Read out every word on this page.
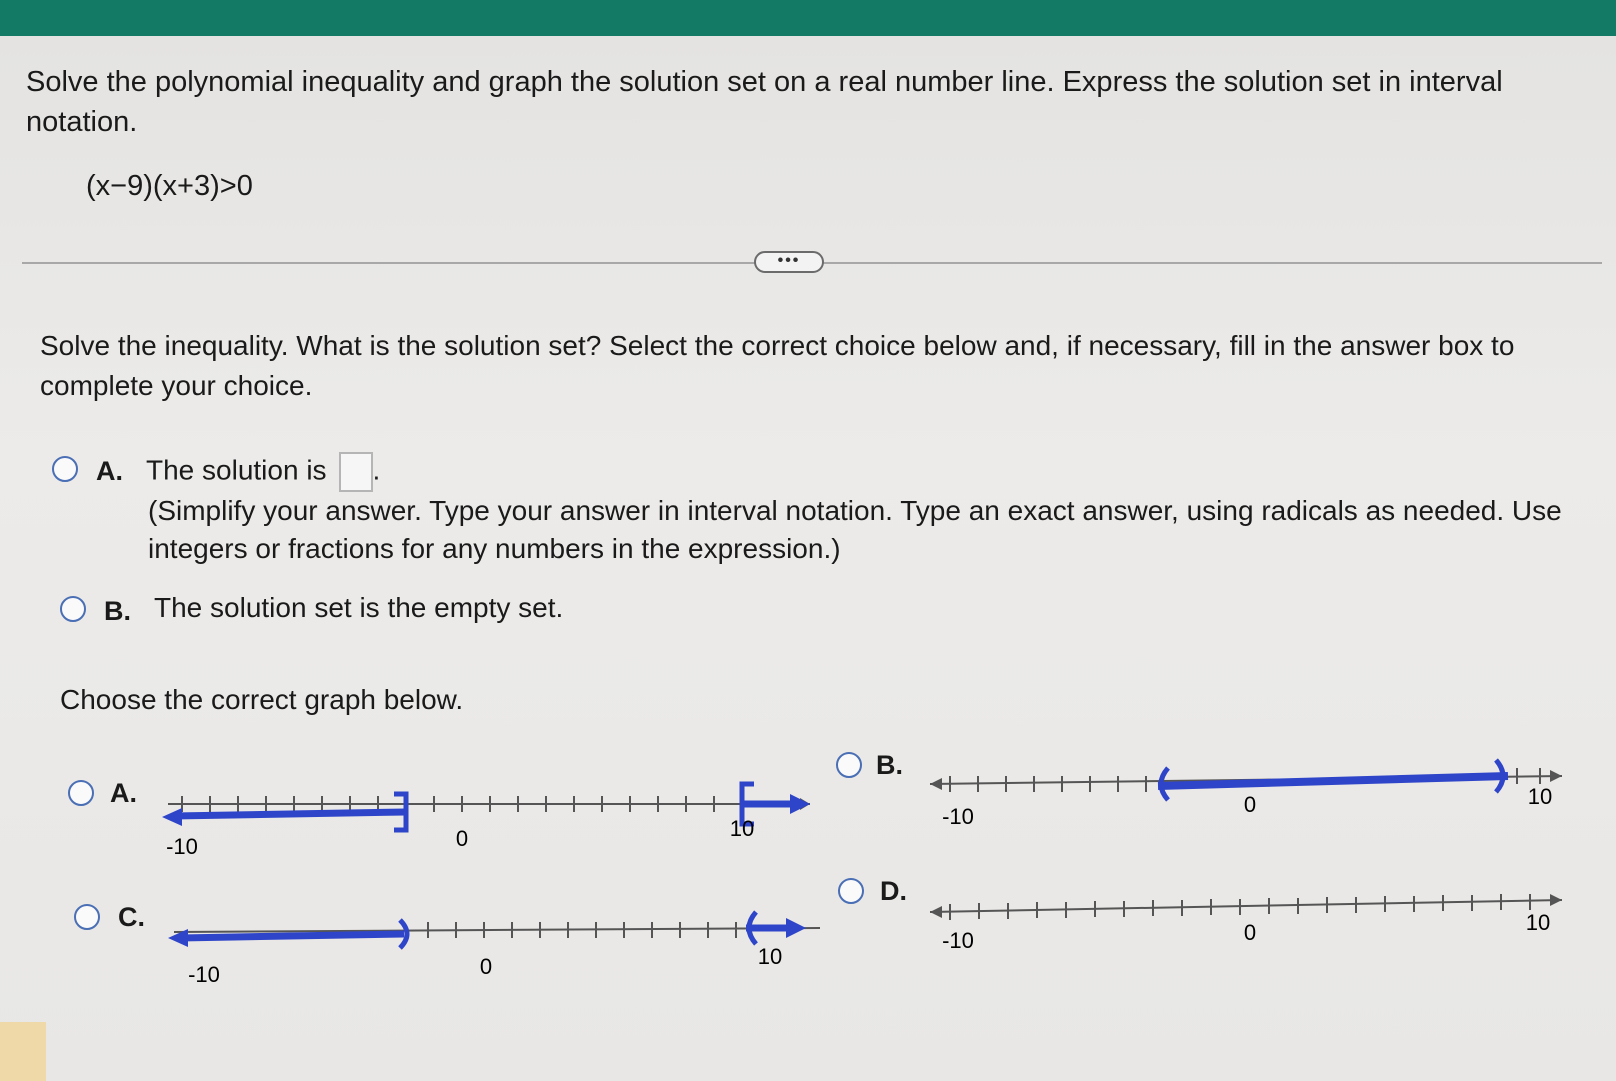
Solve the polynomial inequality and graph the solution set on a real number line. Express the solution set in interval notation.
(x−9)(x+3)>0
•••
Solve the inequality. What is the solution set? Select the correct choice below and, if necessary, fill in the answer box to complete your choice.
A. The solution is .
(Simplify your answer. Type your answer in interval notation. Type an exact answer, using radicals as needed. Use integers or fractions for any numbers in the expression.)
B. The solution set is the empty set.
Choose the correct graph below.
A.
-10	0	10
B.
-10	0	10
C.
-10	0	10
D.
-10	0	10
